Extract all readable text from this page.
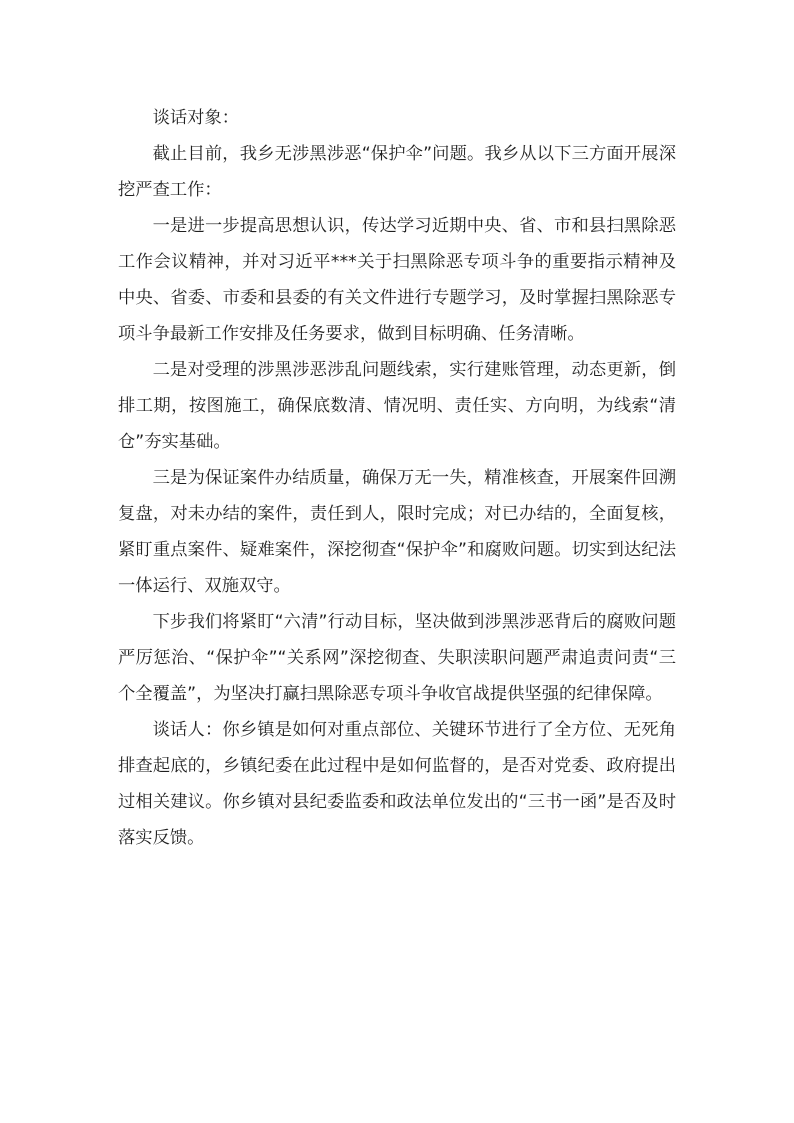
谈话对象：

截止目前，我乡无涉黑涉恶“保护伞”问题。我乡从以下三方面开展深挖严查工作：

一是进一步提高思想认识，传达学习近期中央、省、市和县扫黑除恶工作会议精神，并对习近平***关于扫黑除恶专项斗争的重要指示精神及中央、省委、市委和县委的有关文件进行专题学习，及时掌握扫黑除恶专项斗争最新工作安排及任务要求，做到目标明确、任务清晰。

二是对受理的涉黑涉恶涉乱问题线索，实行建账管理，动态更新，倒排工期，按图施工，确保底数清、情况明、责任实、方向明，为线索“清仓”夯实基础。

三是为保证案件办结质量，确保万无一失，精准核查，开展案件回溯复盘，对未办结的案件，责任到人，限时完成；对已办结的，全面复核，紧盯重点案件、疑难案件，深挖彻查“保护伞”和腐败问题。切实到达纪法一体运行、双施双守。

下步我们将紧盯“六清”行动目标，坚决做到涉黑涉恶背后的腐败问题严厉惩治、“保护伞”“关系网”深挖彻查、失职渎职问题严肃追责问责“三个全覆盖”，为坚决打赢扫黑除恶专项斗争收官战提供坚强的纪律保障。

谈话人：你乡镇是如何对重点部位、关键环节进行了全方位、无死角排查起底的，乡镇纪委在此过程中是如何监督的，是否对党委、政府提出过相关建议。你乡镇对县纪委监委和政法单位发出的“三书一函”是否及时落实反馈。
